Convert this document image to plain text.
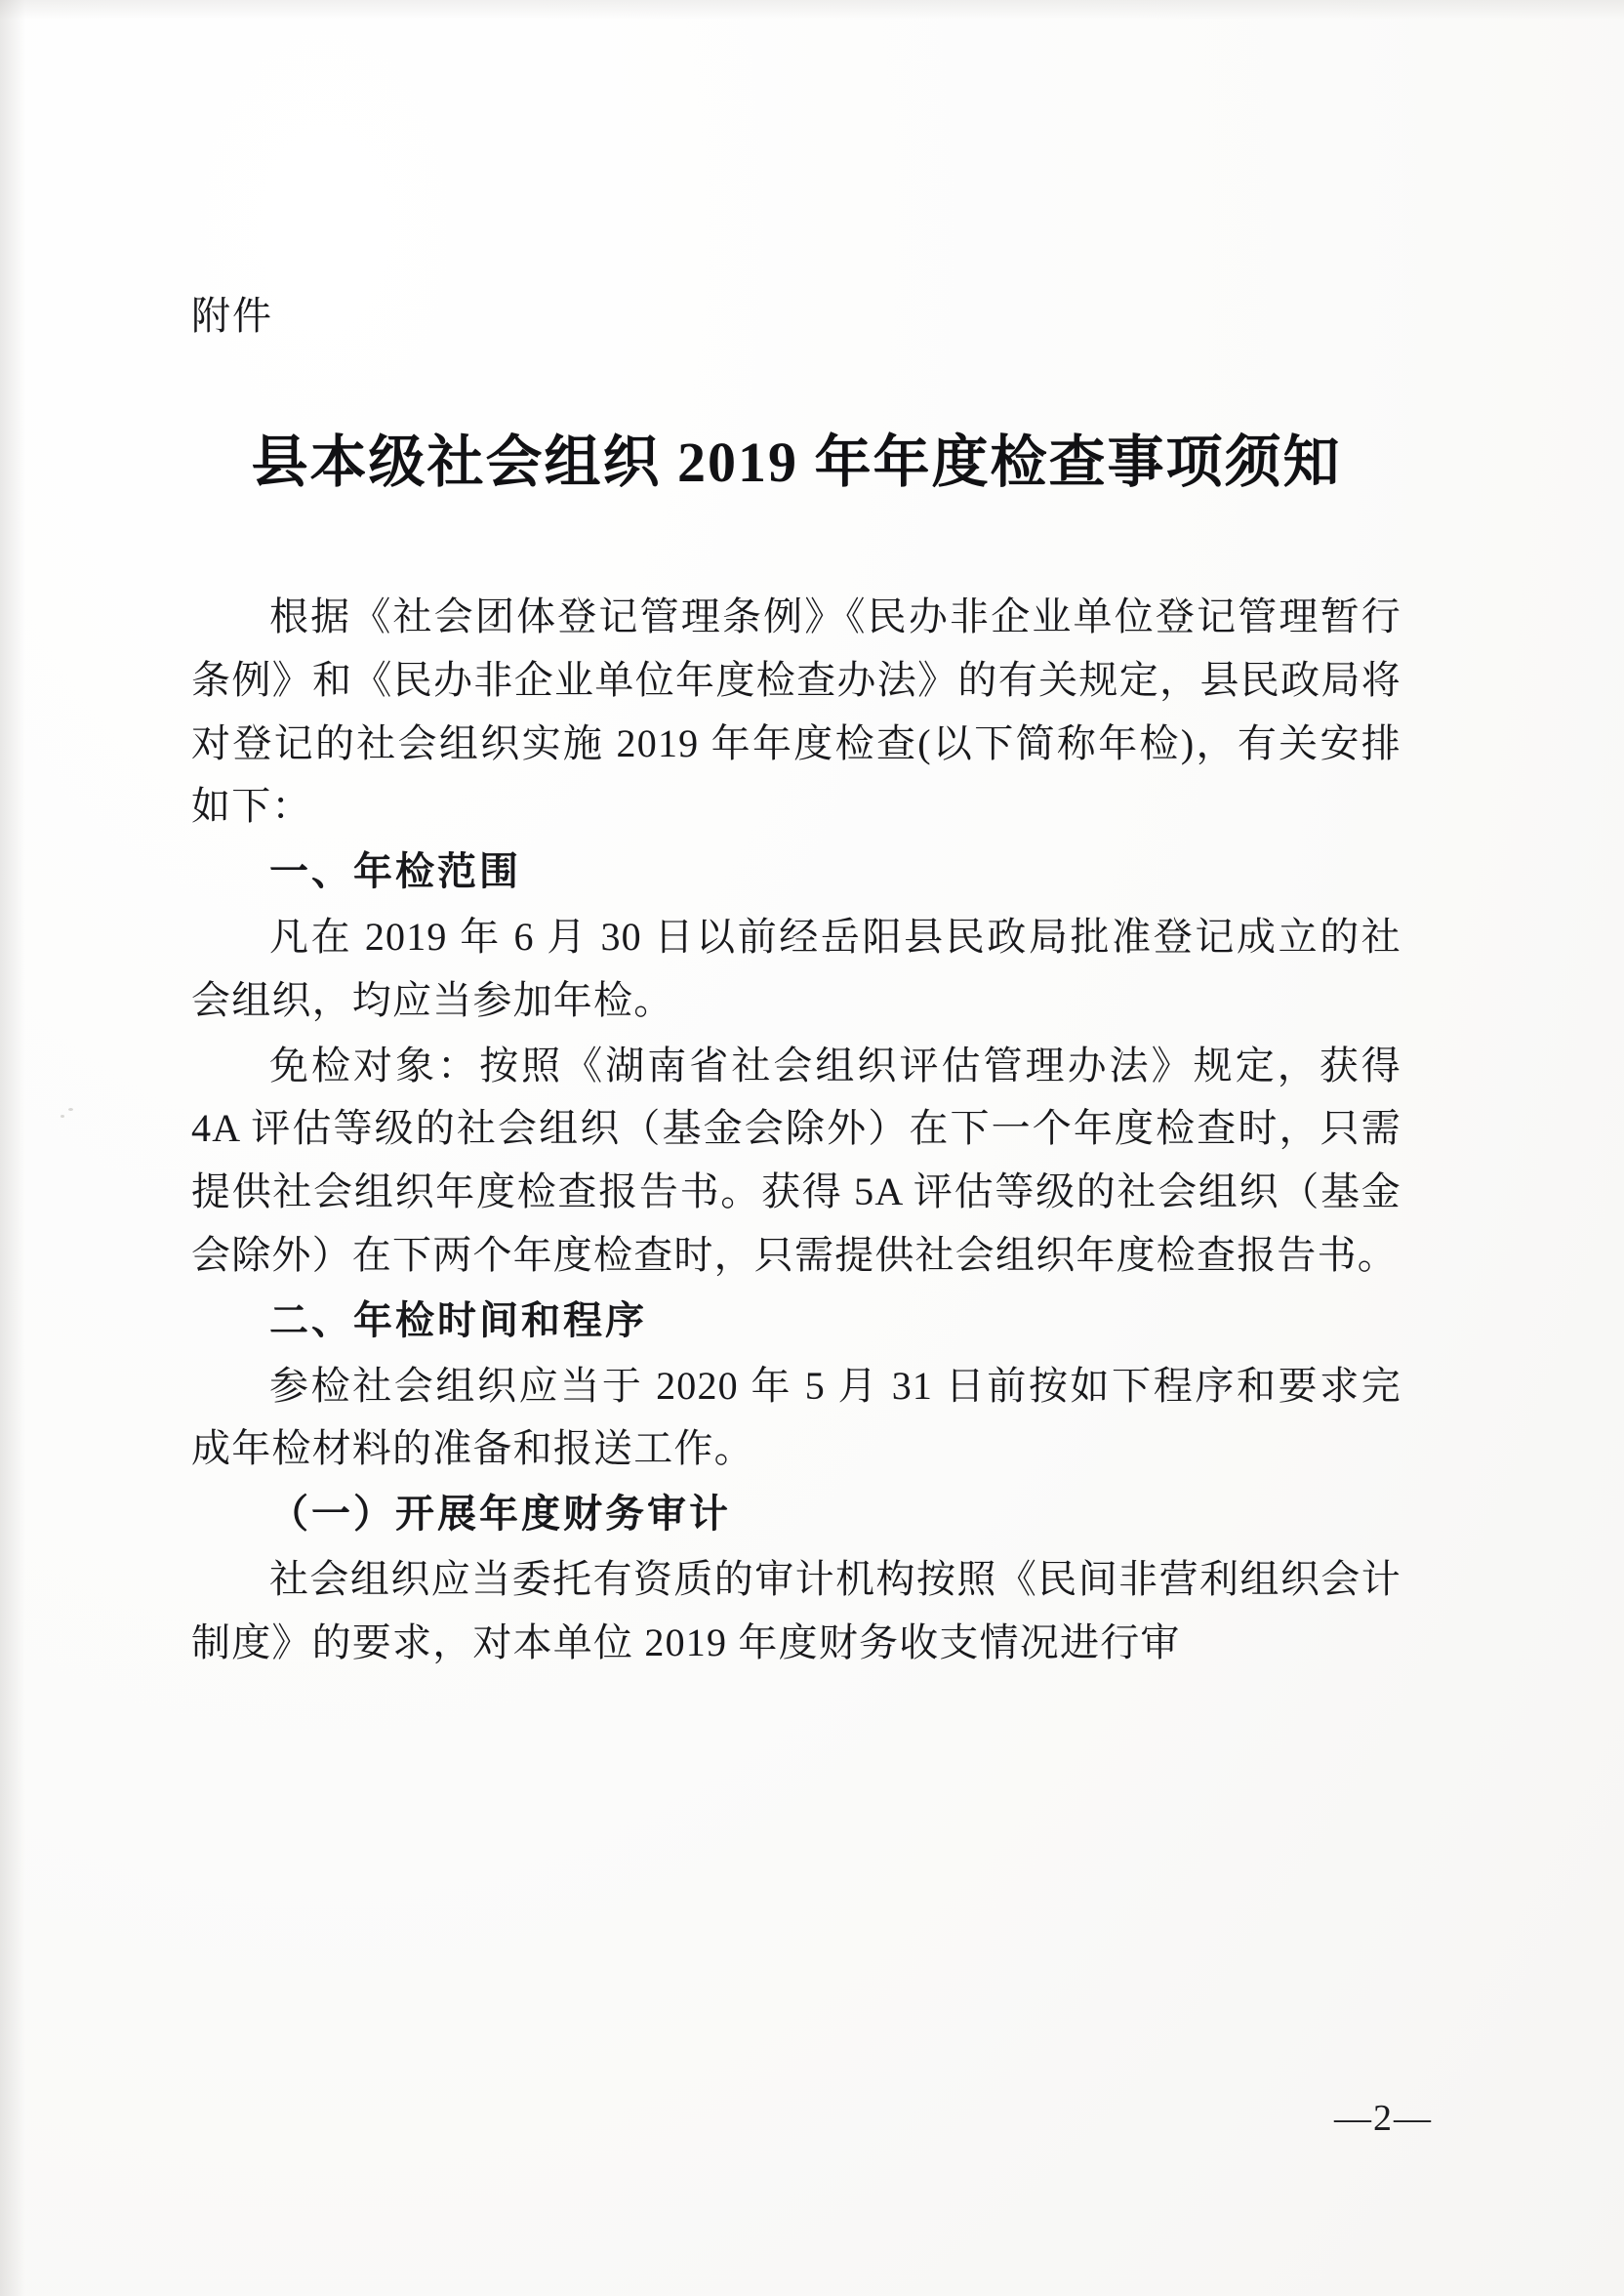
附件
县本级社会组织 2019 年年度检查事项须知

根据《社会团体登记管理条例》《民办非企业单位登记管理暂行条例》和《民办非企业单位年度检查办法》的有关规定，县民政局将对登记的社会组织实施 2019 年年度检查(以下简称年检)，有关安排如下：

一、年检范围

凡在 2019 年 6 月 30 日以前经岳阳县民政局批准登记成立的社会组织，均应当参加年检。

免检对象：按照《湖南省社会组织评估管理办法》规定，获得 4A 评估等级的社会组织（基金会除外）在下一个年度检查时，只需提供社会组织年度检查报告书。获得 5A 评估等级的社会组织（基金会除外）在下两个年度检查时，只需提供社会组织年度检查报告书。

二、年检时间和程序

参检社会组织应当于 2020 年 5 月 31 日前按如下程序和要求完成年检材料的准备和报送工作。

（一）开展年度财务审计

社会组织应当委托有资质的审计机构按照《民间非营利组织会计制度》的要求，对本单位 2019 年度财务收支情况进行审

—2—
